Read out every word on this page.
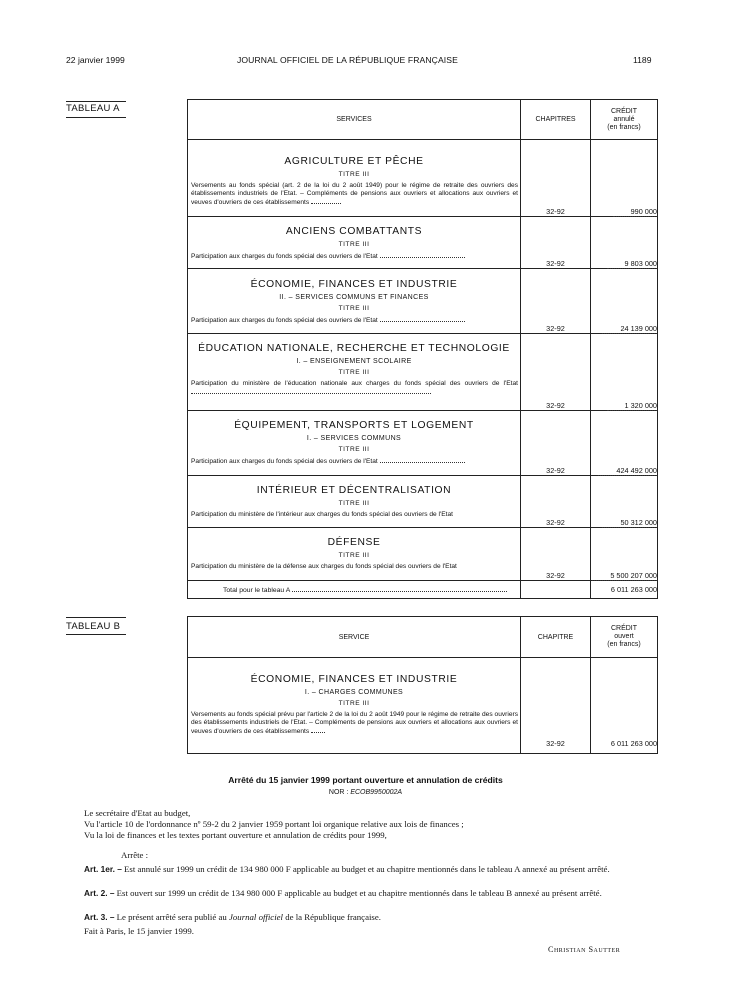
22 janvier 1999	JOURNAL OFFICIEL DE LA RÉPUBLIQUE FRANÇAISE	1189
TABLEAU A
SERVICES	CHAPITRES	CRÉDIT
annulé
(en francs)

AGRICULTURE ET PÊCHE
TITRE III
Versements au fonds spécial (art. 2 de la loi du 2 août 1949) pour le régime de retraite des ouvriers des établissements industriels de l'Etat. – Compléments de pensions aux ouvriers et allocations aux ouvriers et veuves d'ouvriers de ces établissements	32-92	990 000

ANCIENS COMBATTANTS
TITRE III
Participation aux charges du fonds spécial des ouvriers de l'Etat	32-92	9 803 000

ÉCONOMIE, FINANCES ET INDUSTRIE
II. – SERVICES COMMUNS ET FINANCES
TITRE III
Participation aux charges du fonds spécial des ouvriers de l'Etat	32-92	24 139 000

ÉDUCATION NATIONALE, RECHERCHE ET TECHNOLOGIE
I. – ENSEIGNEMENT SCOLAIRE
TITRE III
Participation du ministère de l'éducation nationale aux charges du fonds spécial des ouvriers de l'Etat	32-92	1 320 000

ÉQUIPEMENT, TRANSPORTS ET LOGEMENT
I. – SERVICES COMMUNS
TITRE III
Participation aux charges du fonds spécial des ouvriers de l'Etat	32-92	424 492 000

INTÉRIEUR ET DÉCENTRALISATION
TITRE III
Participation du ministère de l'intérieur aux charges du fonds spécial des ouvriers de l'Etat	32-92	50 312 000

DÉFENSE
TITRE III
Participation du ministère de la défense aux charges du fonds spécial des ouvriers de l'Etat	32-92	5 500 207 000
Total pour le tableau A		6 011 263 000
TABLEAU B
SERVICE	CHAPITRE	CRÉDIT
ouvert
(en francs)

ÉCONOMIE, FINANCES ET INDUSTRIE
I. – CHARGES COMMUNES
TITRE III
Versements au fonds spécial prévu par l'article 2 de la loi du 2 août 1949 pour le régime de retraite des ouvriers des établissements industriels de l'Etat. – Compléments de pensions aux ouvriers et allocations aux ouvriers et veuves d'ouvriers de ces établissements	32-92	6 011 263 000
Arrêté du 15 janvier 1999 portant ouverture et annulation de crédits
NOR : ECOB9950002A
Le secrétaire d'Etat au budget,
Vu l'article 10 de l'ordonnance nº 59-2 du 2 janvier 1959 portant loi organique relative aux lois de finances ;
Vu la loi de finances et les textes portant ouverture et annulation de crédits pour 1999,
Arrête :
Art. 1er. – Est annulé sur 1999 un crédit de 134 980 000 F applicable au budget et au chapitre mentionnés dans le tableau A annexé au présent arrêté.
Art. 2. – Est ouvert sur 1999 un crédit de 134 980 000 F applicable au budget et au chapitre mentionnés dans le tableau B annexé au présent arrêté.
Art. 3. – Le présent arrêté sera publié au Journal officiel de la République française.
Fait à Paris, le 15 janvier 1999.
Christian Sautter
